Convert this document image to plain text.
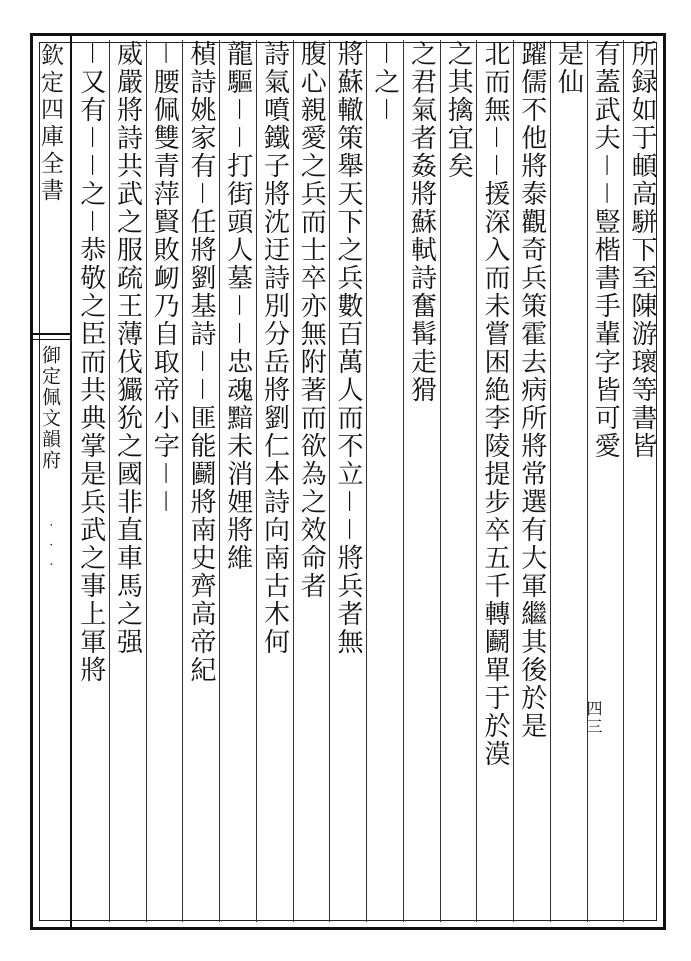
欽定四庫全書
御定佩文韻府
· · ·
所録如于頔高駢下至陳游瓌等書皆
有蓋武夫－－豎楷書手輩字皆可愛
是仙
躍儒不他將泰觀奇兵策霍去病所將常選有大軍繼其後於是
北而無－－援深入而未嘗困絶李陵提步卒五千轉鬬單于於漠
之其擒宜矣
之君氣者姦將蘇軾詩奮髯走猾
－之－
將蘇轍策舉天下之兵數百萬人而不立－－將兵者無
腹心親愛之兵而士卒亦無附著而欲為之效命者
詩氣噴鐵子將沈迂詩別分岳將劉仁本詩向南古木何
龍驅－－打街頭人墓－－忠魂黯未消娌將維
楨詩姚家有－任將劉基詩－－匪能鬬將南史齊高帝紀
－腰佩雙青萍賢敗衂乃自取帝小字－－
威嚴將詩共武之服疏王薄伐玁狁之國非直車馬之强
－又有－－之－恭敬之臣而共典掌是兵武之事上軍將
四三
